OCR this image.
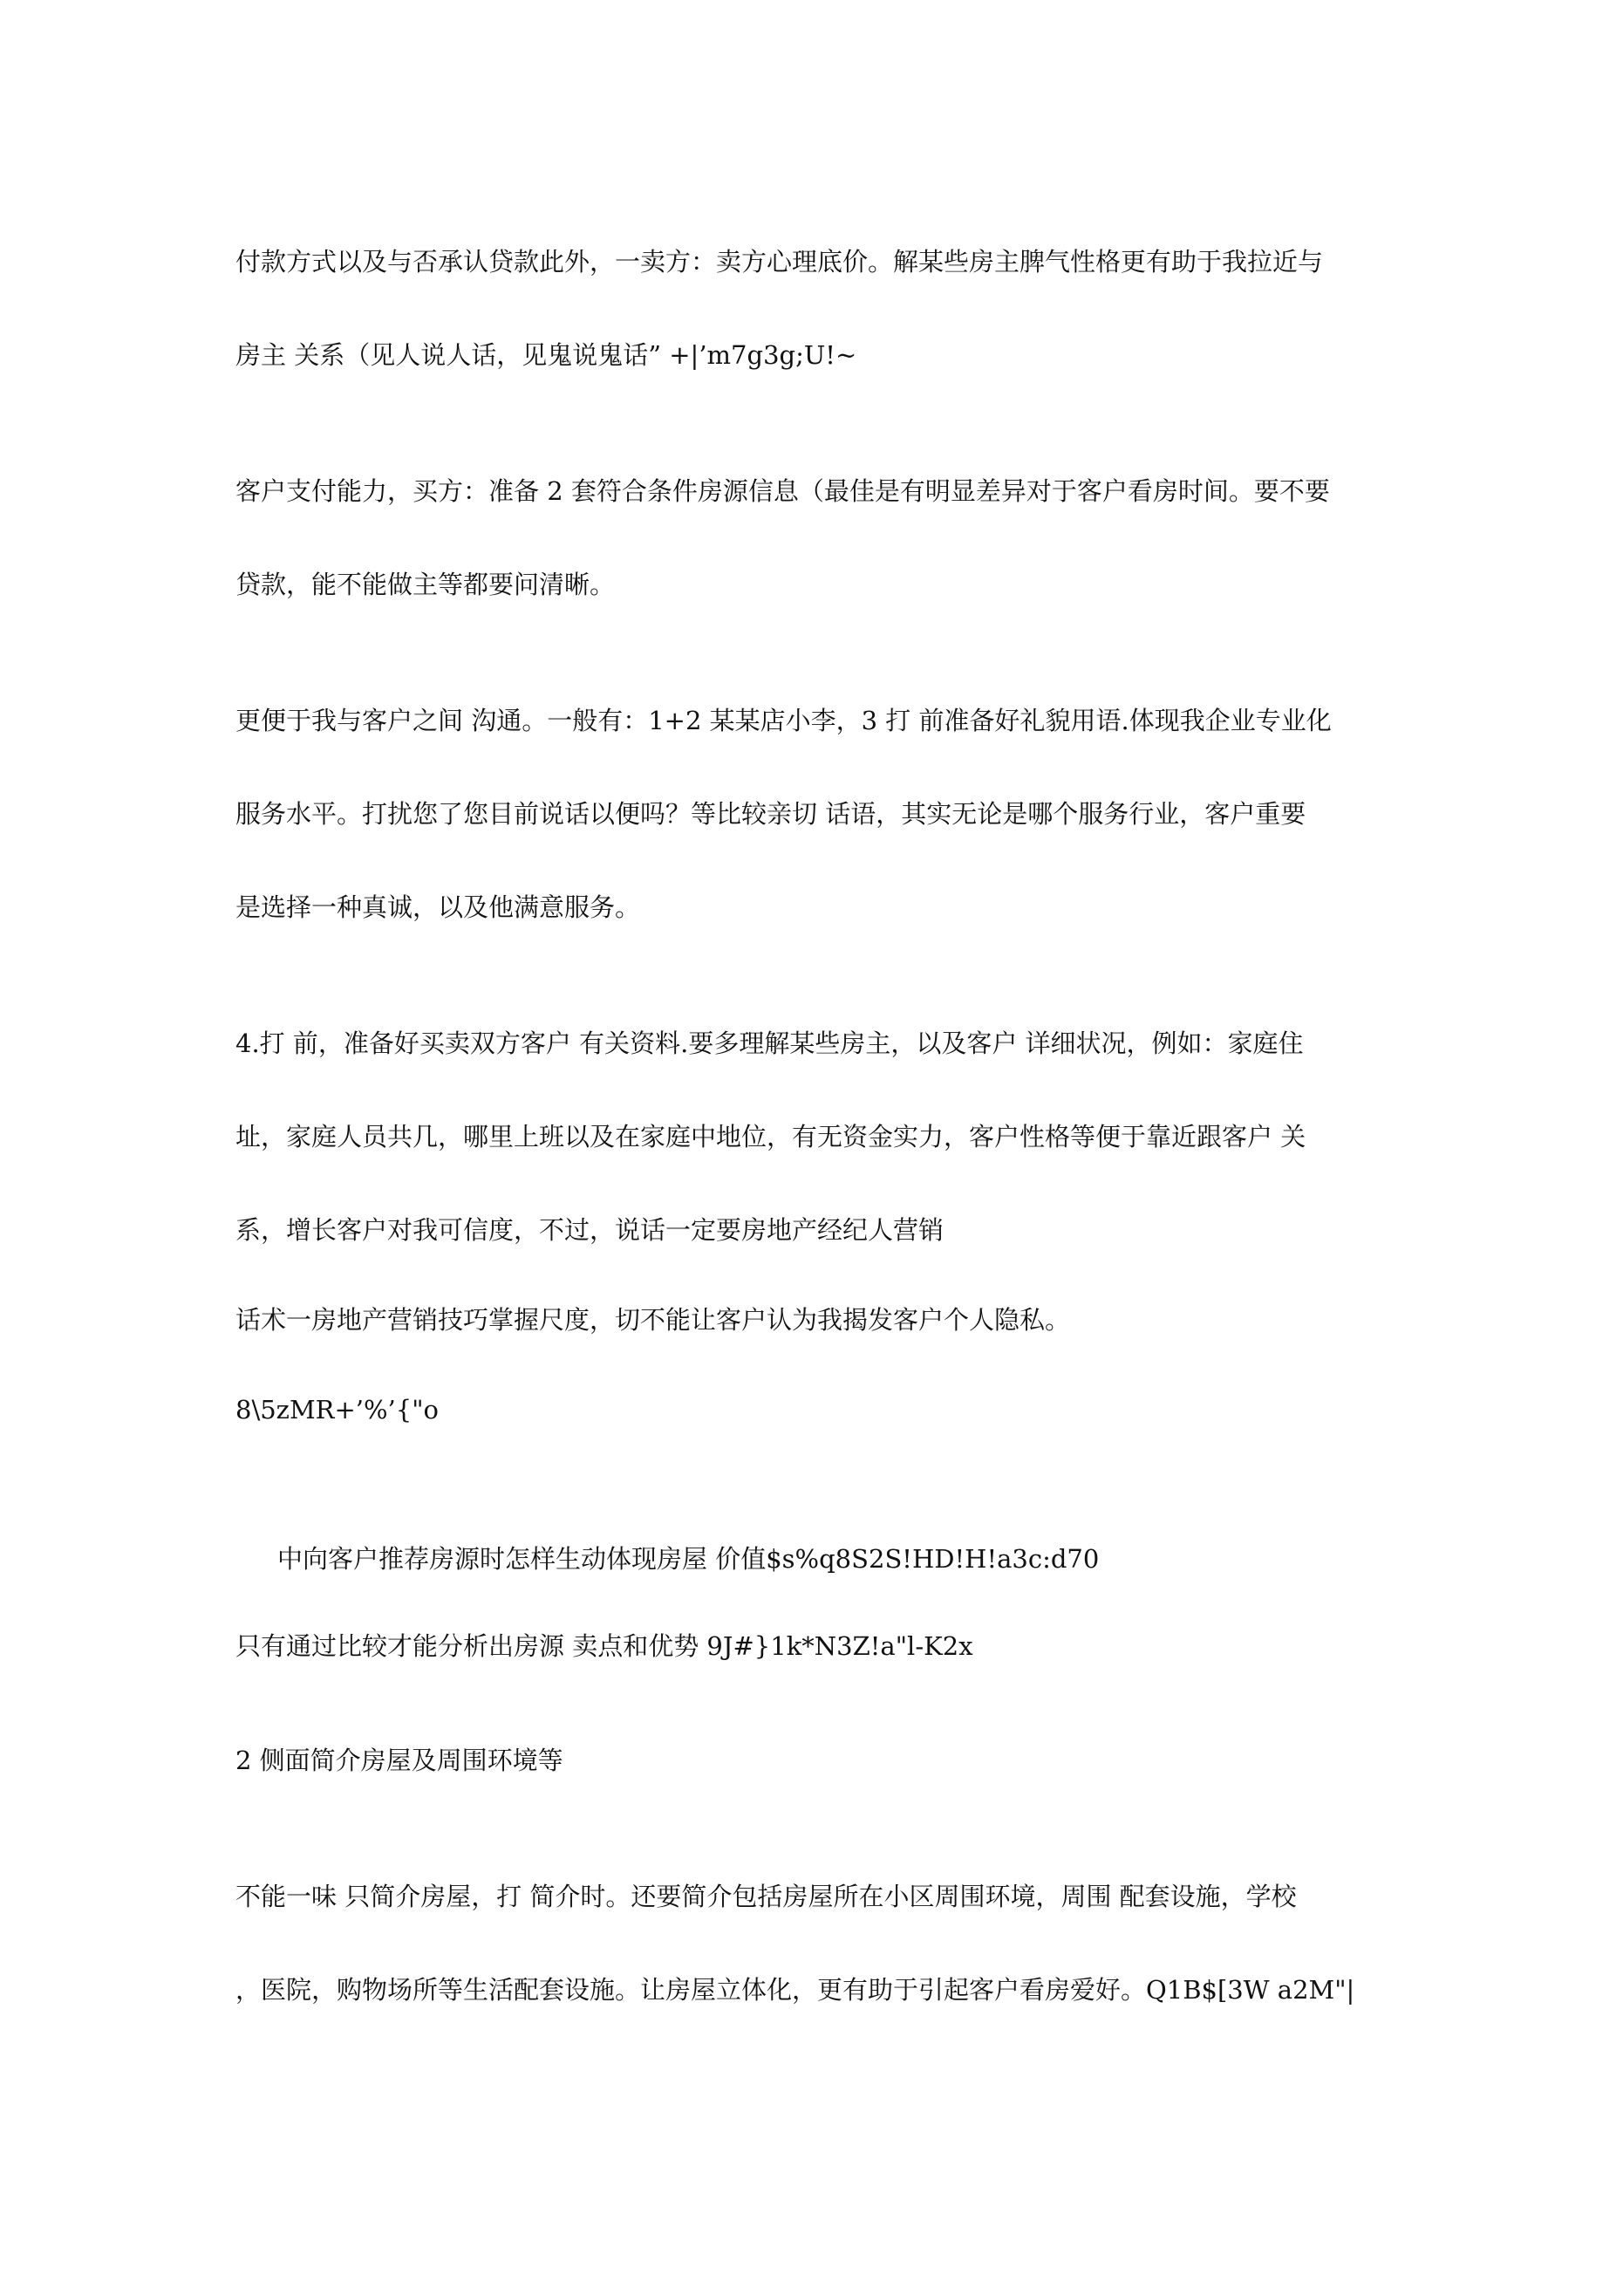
付款方式以及与否承认贷款此外，一卖方：卖方心理底价。解某些房主脾气性格更有助于我拉近与
房主 关系（见人说人话，见鬼说鬼话” +|’m7g3g;U!~
客户支付能力，买方：准备 2 套符合条件房源信息（最佳是有明显差异对于客户看房时间。要不要
贷款，能不能做主等都要问清晰。
更便于我与客户之间 沟通。一般有：1+2 某某店小李，3 打 前准备好礼貌用语.体现我企业专业化
服务水平。打扰您了您目前说话以便吗？等比较亲切 话语，其实无论是哪个服务行业，客户重要
是选择一种真诚，以及他满意服务。
4.打 前，准备好买卖双方客户 有关资料.要多理解某些房主，以及客户 详细状况，例如：家庭住
址，家庭人员共几，哪里上班以及在家庭中地位，有无资金实力，客户性格等便于靠近跟客户 关
系，增长客户对我可信度，不过，说话一定要房地产经纪人营销
话术一房地产营销技巧掌握尺度，切不能让客户认为我揭发客户个人隐私。
8\5zMR+’%’{"o
中向客户推荐房源时怎样生动体现房屋 价值$s%q8S2S!HD!H!a3c:d70
只有通过比较才能分析出房源 卖点和优势 9J#}1k*N3Z!a"l-K2x
2 侧面简介房屋及周围环境等
不能一味 只简介房屋，打 简介时。还要简介包括房屋所在小区周围环境，周围 配套设施，学校
，医院，购物场所等生活配套设施。让房屋立体化，更有助于引起客户看房爱好。Q1B$[3W a2M"|
